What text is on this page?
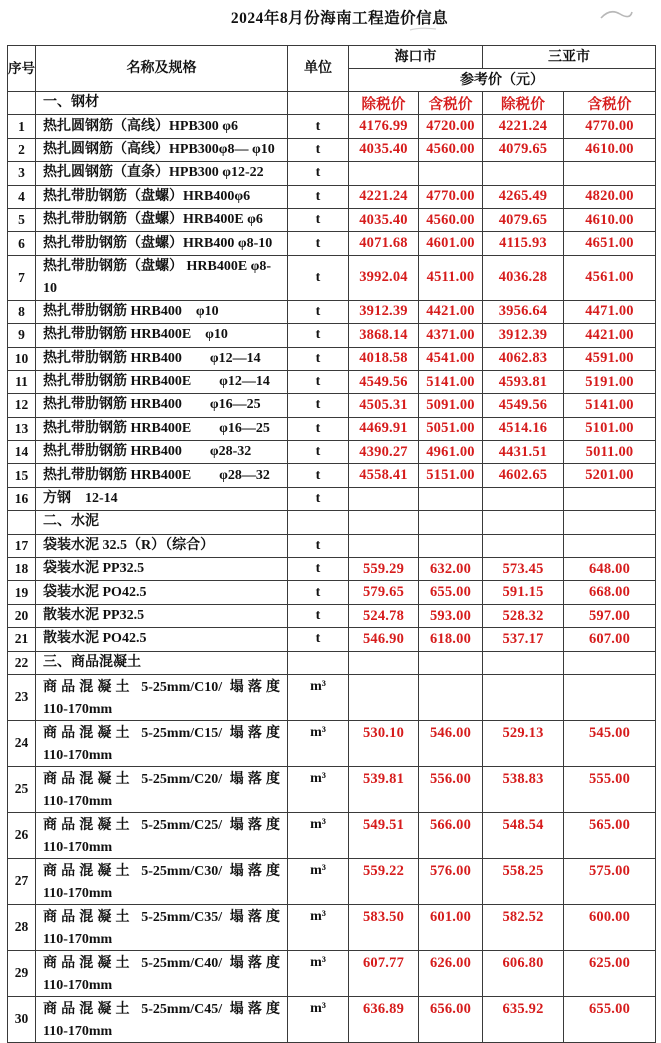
2024年8月份海南工程造价信息
序号	名称及规格	单位	海口市		三亚市	
			参考价（元）			

	一、钢材		除税价	含税价	除税价	含税价
1	热扎圆钢筋（高线）HPB300 φ6	t	4176.99	4720.00	4221.24	4770.00
2	热扎圆钢筋（高线）HPB300φ8— φ10	t	4035.40	4560.00	4079.65	4610.00
3	热扎圆钢筋（直条）HPB300 φ12-22	t				
4	热扎带肋钢筋（盘螺）HRB400φ6	t	4221.24	4770.00	4265.49	4820.00
5	热扎带肋钢筋（盘螺）HRB400E φ6	t	4035.40	4560.00	4079.65	4610.00
6	热扎带肋钢筋（盘螺）HRB400 φ8-10	t	4071.68	4601.00	4115.93	4651.00
7	热扎带肋钢筋（盘螺） HRB400E φ8-10	t	3992.04	4511.00	4036.28	4561.00
8	热扎带肋钢筋 HRB400　φ10	t	3912.39	4421.00	3956.64	4471.00
9	热扎带肋钢筋 HRB400E　φ10	t	3868.14	4371.00	3912.39	4421.00
10	热扎带肋钢筋 HRB400　　φ12—14	t	4018.58	4541.00	4062.83	4591.00
11	热扎带肋钢筋 HRB400E　　φ12—14	t	4549.56	5141.00	4593.81	5191.00
12	热扎带肋钢筋 HRB400　　φ16—25	t	4505.31	5091.00	4549.56	5141.00
13	热扎带肋钢筋 HRB400E　　φ16—25	t	4469.91	5051.00	4514.16	5101.00
14	热扎带肋钢筋 HRB400　　φ28-32	t	4390.27	4961.00	4431.51	5011.00
15	热扎带肋钢筋 HRB400E　　φ28—32	t	4558.41	5151.00	4602.65	5201.00
16	方钢　12-14	t				

	二、水泥					

17	袋装水泥 32.5（R）（综合）	t				
18	袋装水泥 PP32.5	t	559.29	632.00	573.45	648.00
19	袋装水泥 PO42.5	t	579.65	655.00	591.15	668.00
20	散装水泥 PP32.5	t	524.78	593.00	528.32	597.00
21	散装水泥 PO42.5	t	546.90	618.00	537.17	607.00
22	三、商品混凝土					

23	商品混凝土 5-25mm/C10/ 塌落度
110-170mm	m³				
24	商品混凝土 5-25mm/C15/ 塌落度
110-170mm	m³	530.10	546.00	529.13	545.00
25	商品混凝土 5-25mm/C20/ 塌落度
110-170mm	m³	539.81	556.00	538.83	555.00
26	商品混凝土 5-25mm/C25/ 塌落度
110-170mm	m³	549.51	566.00	548.54	565.00
27	商品混凝土 5-25mm/C30/ 塌落度
110-170mm	m³	559.22	576.00	558.25	575.00
28	商品混凝土 5-25mm/C35/ 塌落度
110-170mm	m³	583.50	601.00	582.52	600.00
29	商品混凝土 5-25mm/C40/ 塌落度
110-170mm	m³	607.77	626.00	606.80	625.00
30	商品混凝土 5-25mm/C45/ 塌落度
110-170mm	m³	636.89	656.00	635.92	655.00
